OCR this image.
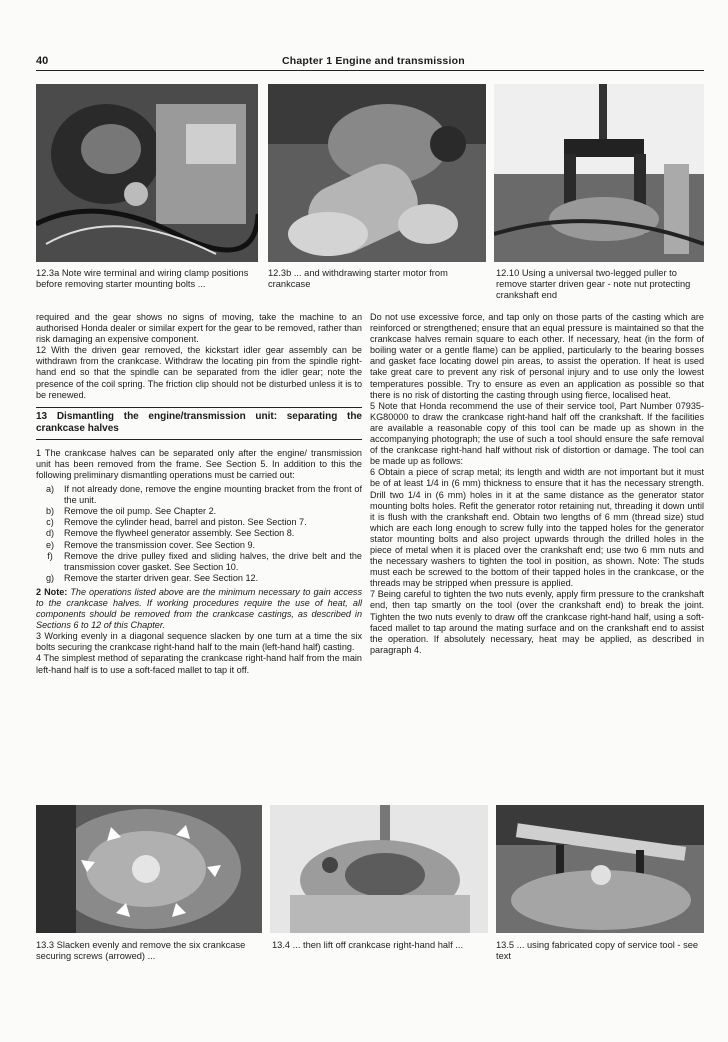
40	Chapter 1 Engine and transmission
12.3a Note wire terminal and wiring clamp positions before removing starter mounting bolts ...
12.3b ... and withdrawing starter motor from crankcase
12.10 Using a universal two-legged puller to remove starter driven gear - note nut protecting crankshaft end

required and the gear shows no signs of moving, take the machine to an authorised Honda dealer or similar expert for the gear to be removed, rather than risk damaging an expensive component.

12 With the driven gear removed, the kickstart idler gear assembly can be withdrawn from the crankcase. Withdraw the locating pin from the spindle right-hand end so that the spindle can be separated from the idler gear; note the presence of the coil spring. The friction clip should not be disturbed unless it is to be renewed.

13 Dismantling the engine/transmission unit: separating the crankcase halves

1 The crankcase halves can be separated only after the engine/ transmission unit has been removed from the frame. See Section 5. In addition to this the following preliminary dismantling operations must be carried out:

a)	If not already done, remove the engine mounting bracket from the front of the unit.
b)	Remove the oil pump. See Chapter 2.
c)	Remove the cylinder head, barrel and piston. See Section 7.
d)	Remove the flywheel generator assembly. See Section 8.
e)	Remove the transmission cover. See Section 9.
f)	Remove the drive pulley fixed and sliding halves, the drive belt and the transmission cover gasket. See Section 10.
g)	Remove the starter driven gear. See Section 12.

2 Note: The operations listed above are the minimum necessary to gain access to the crankcase halves. If working procedures require the use of heat, all components should be removed from the crankcase castings, as described in Sections 6 to 12 of this Chapter.

3 Working evenly in a diagonal sequence slacken by one turn at a time the six bolts securing the crankcase right-hand half to the main (left-hand half) casting.

4 The simplest method of separating the crankcase right-hand half from the main left-hand half is to use a soft-faced mallet to tap it off.

Do not use excessive force, and tap only on those parts of the casting which are reinforced or strengthened; ensure that an equal pressure is maintained so that the crankcase halves remain square to each other. If necessary, heat (in the form of boiling water or a gentle flame) can be applied, particularly to the bearing bosses and gasket face locating dowel pin areas, to assist the operation. If heat is used take great care to prevent any risk of personal injury and to use only the lowest temperatures possible. Try to ensure as even an application as possible so that there is no risk of distorting the casting through using fierce, localised heat.

5 Note that Honda recommend the use of their service tool, Part Number 07935-KG80000 to draw the crankcase right-hand half off the crankshaft. If the facilities are available a reasonable copy of this tool can be made up as shown in the accompanying photograph; the use of such a tool should ensure the safe removal of the crankcase right-hand half without risk of distortion or damage. The tool can be made up as follows:

6 Obtain a piece of scrap metal; its length and width are not important but it must be of at least 1/4 in (6 mm) thickness to ensure that it has the necessary strength. Drill two 1/4 in (6 mm) holes in it at the same distance as the generator stator mounting bolts holes. Refit the generator rotor retaining nut, threading it down until it is flush with the crankshaft end. Obtain two lengths of 6 mm (thread size) stud which are each long enough to screw fully into the tapped holes for the generator stator mounting bolts and also project upwards through the drilled holes in the piece of metal when it is placed over the crankshaft end; use two 6 mm nuts and the necessary washers to tighten the tool in position, as shown. Note: The studs must each be screwed to the bottom of their tapped holes in the crankcase, or the threads may be stripped when pressure is applied.

7 Being careful to tighten the two nuts evenly, apply firm pressure to the crankshaft end, then tap smartly on the tool (over the crankshaft end) to break the joint. Tighten the two nuts evenly to draw off the crankcase right-hand half, using a soft-faced mallet to tap around the mating surface and on the crankshaft end to assist the operation. If absolutely necessary, heat may be applied, as described in paragraph 4.

13.3 Slacken evenly and remove the six crankcase securing screws (arrowed) ...
13.4 ... then lift off crankcase right-hand half ...	13.5 ... using fabricated copy of service tool - see text
